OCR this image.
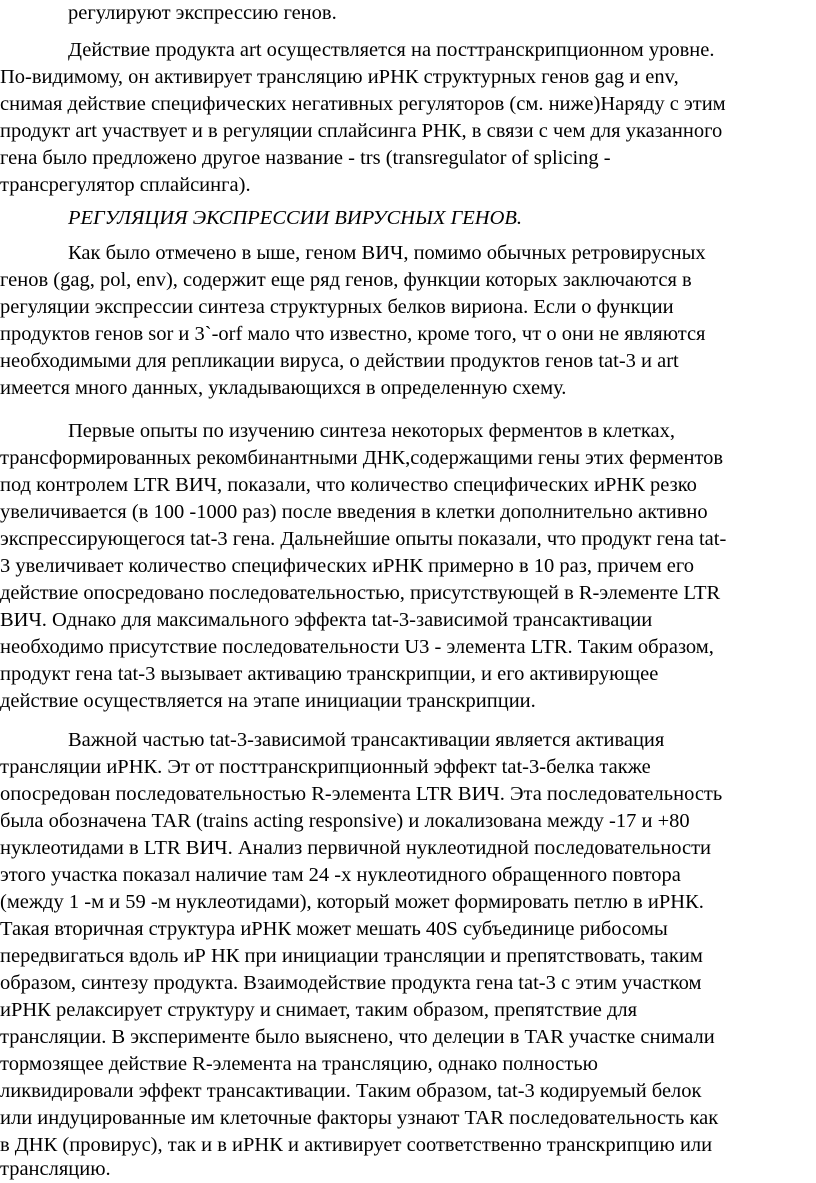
регулируют экспрессию генов.
Действие продукта art осуществляется на посттранскрипционном уровне.
По-видимому, он активирует трансляцию иРНК структурных генов gag и env,
снимая действие специфических негативных регуляторов (см. ниже)Наряду с этим
продукт art участвует и в регуляции сплайсинга РНК, в связи с чем для указанного
гена было предложено другое название - trs (transregulator of splicing -
трансрегулятор сплайсинга).
РЕГУЛЯЦИЯ ЭКСПРЕССИИ ВИРУСНЫХ ГЕНОВ.
Как было отмечено в ыше, геном ВИЧ, помимо обычных ретровирусных
генов (gag, pol, env), содержит еще ряд генов, функции которых заключаются в
регуляции экспрессии синтеза структурных белков вириона. Если о функции
продуктов генов sor и 3`-orf мало что известно, кроме того, чт о они не являются
необходимыми для репликации вируса, о действии продуктов генов tat-3 и art
имеется много данных, укладывающихся в определенную схему.
Первые опыты по изучению синтеза некоторых ферментов в клетках,
трансформированных рекомбинантными ДНК,содержащими гены этих ферментов
под контролем LTR ВИЧ, показали, что количество специфических иРНК резко
увеличивается (в 100 -1000 раз) после введения в клетки дополнительно активно
экспрессирующегося tat-3 гена. Дальнейшие опыты показали, что продукт гена tat-
3 увеличивает количество специфических иРНК примерно в 10 раз, причем его
действие опосредовано последовательностью, присутствующей в R-элементе LTR
ВИЧ. Однако для максимального эффекта tat-3-зависимой трансактивации
необходимо присутствие последовательности U3 - элемента LTR. Таким образом,
продукт гена tat-3 вызывает активацию транскрипции, и его активирующее
действие осуществляется на этапе инициации транскрипции.
Важной частью tat-3-зависимой трансактивации является активация
трансляции иРНК. Эт от посттранскрипционный эффект tat-3-белка также
опосредован последовательностью R-элемента LTR ВИЧ. Эта последовательность
была обозначена TAR (trains acting responsive) и локализована между -17 и +80
нуклеотидами в LTR ВИЧ. Анализ первичной нуклеотидной последовательности
этого участка показал наличие там 24 -х нуклеотидного обращенного повтора
(между 1 -м и 59 -м нуклеотидами), который может формировать петлю в иРНК.
Такая вторичная структура иРНК может мешать 40S субъединице рибосомы
передвигаться вдоль иР НК при инициации трансляции и препятствовать, таким
образом, синтезу продукта. Взаимодействие продукта гена tat-3 с этим участком
иРНК релаксирует структуру и снимает, таким образом, препятствие для
трансляции. В эксперименте было выяснено, что делеции в TAR участке снимали
тормозящее действие R-элемента на трансляцию, однако полностью
ликвидировали эффект трансактивации. Таким образом, tat-3 кодируемый белок
или индуцированные им клеточные факторы узнают TAR последовательность как
в ДНК (провирус), так и в иРНК и активирует соответственно транскрипцию или
трансляцию.
